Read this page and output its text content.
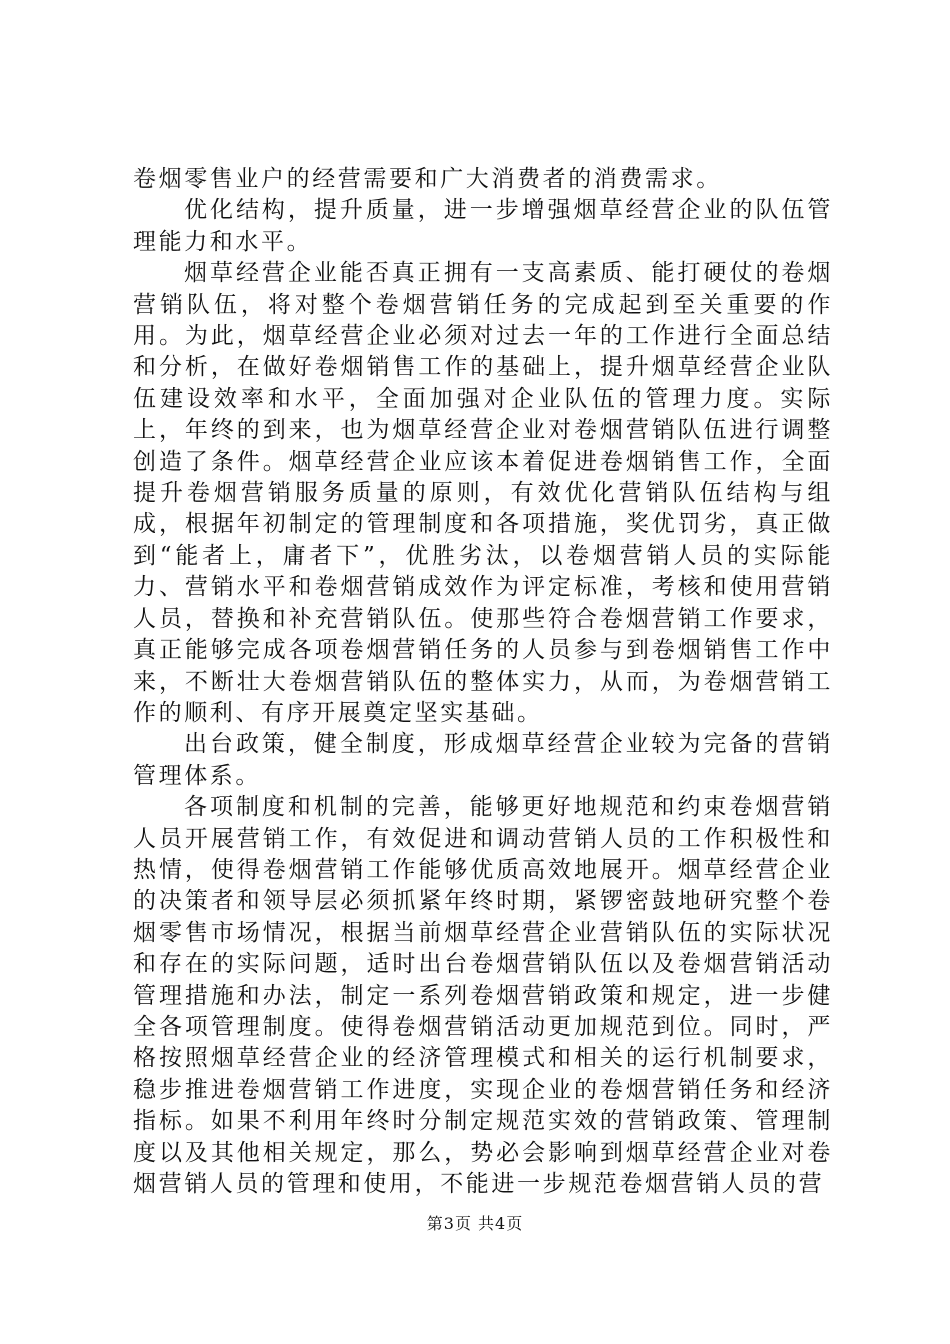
卷烟零售业户的经营需要和广大消费者的消费需求。

优化结构，提升质量，进一步增强烟草经营企业的队伍管理能力和水平。

烟草经营企业能否真正拥有一支高素质、能打硬仗的卷烟营销队伍，将对整个卷烟营销任务的完成起到至关重要的作用。为此，烟草经营企业必须对过去一年的工作进行全面总结和分析，在做好卷烟销售工作的基础上，提升烟草经营企业队伍建设效率和水平，全面加强对企业队伍的管理力度。实际上，年终的到来，也为烟草经营企业对卷烟营销队伍进行调整创造了条件。烟草经营企业应该本着促进卷烟销售工作，全面提升卷烟营销服务质量的原则，有效优化营销队伍结构与组成，根据年初制定的管理制度和各项措施，奖优罚劣，真正做到“能者上，庸者下”，优胜劣汰，以卷烟营销人员的实际能力、营销水平和卷烟营销成效作为评定标准，考核和使用营销人员，替换和补充营销队伍。使那些符合卷烟营销工作要求，真正能够完成各项卷烟营销任务的人员参与到卷烟销售工作中来，不断壮大卷烟营销队伍的整体实力，从而，为卷烟营销工作的顺利、有序开展奠定坚实基础。

出台政策，健全制度，形成烟草经营企业较为完备的营销管理体系。

各项制度和机制的完善，能够更好地规范和约束卷烟营销人员开展营销工作，有效促进和调动营销人员的工作积极性和热情，使得卷烟营销工作能够优质高效地展开。烟草经营企业的决策者和领导层必须抓紧年终时期，紧锣密鼓地研究整个卷烟零售市场情况，根据当前烟草经营企业营销队伍的实际状况和存在的实际问题，适时出台卷烟营销队伍以及卷烟营销活动管理措施和办法，制定一系列卷烟营销政策和规定，进一步健全各项管理制度。使得卷烟营销活动更加规范到位。同时，严格按照烟草经营企业的经济管理模式和相关的运行机制要求，稳步推进卷烟营销工作进度，实现企业的卷烟营销任务和经济指标。如果不利用年终时分制定规范实效的营销政策、管理制度以及其他相关规定，那么，势必会影响到烟草经营企业对卷烟营销人员的管理和使用，不能进一步规范卷烟营销人员的营

第3页 共4页
